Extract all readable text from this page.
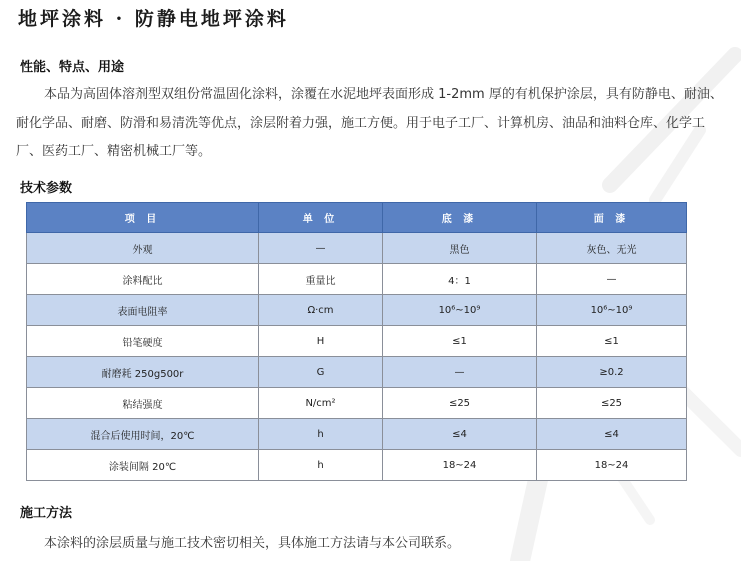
地坪涂料 · 防静电地坪涂料
性能、特点、用途
本品为高固体溶剂型双组份常温固化涂料，涂覆在水泥地坪表面形成 1-2mm 厚的有机保护涂层，具有防静电、耐油、耐化学品、耐磨、防滑和易清洗等优点，涂层附着力强，施工方便。用于电子工厂、计算机房、油品和油料仓库、化学工厂、医药工厂、精密机械工厂等。
技术参数
项 目	单 位	底 漆	面 漆
外观	—	黑色	灰色、无光
涂料配比	重量比	4：1	—
表面电阻率	Ω·cm	10⁶~10⁹	10⁶~10⁹
铅笔硬度	H	≤1	≤1
耐磨耗 250g500r	G	—	≥0.2
粘结强度	N/cm²	≤25	≤25
混合后使用时间，20℃	h	≤4	≤4
涂装间隔 20℃	h	18~24	18~24
施工方法

本涂料的涂层质量与施工技术密切相关，具体施工方法请与本公司联系。
